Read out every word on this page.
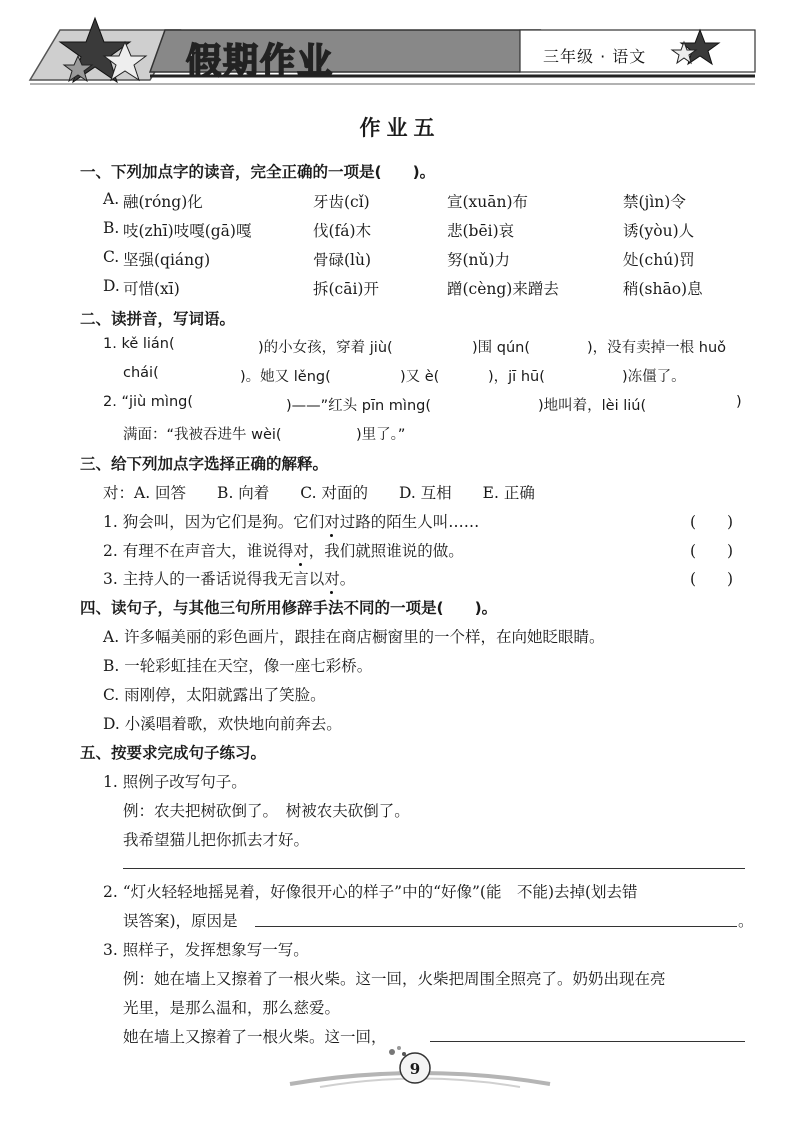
假期作业	三年级 · 语文
作业五
一、下列加点字的读音，完全正确的一项是(　　)。
A. 融(róng)化	牙齿(cǐ)	宣(xuān)布	禁(jìn)令
B. 吱(zhī)吱嘎(gā)嘎	伐(fá)木	悲(bēi)哀	诱(yòu)人
C. 坚强(qiáng)	骨碌(lù)	努(nǔ)力	处(chú)罚
D. 可惜(xī)	拆(cāi)开	蹭(cèng)来蹭去	稍(shāo)息
二、读拼音，写词语。
1. kě lián(	)的小女孩，穿着 jiù(	)围 qún(	)，没有卖掉一根 huǒ
chái(	)。她又 lěng(	)又 è(	)，jī hū(	)冻僵了。
2. “jiù mìng(	)——”红头 pīn mìng(	)地叫着，lèi liú(	)
满面：“我被吞进牛 wèi(	)里了。”
三、给下列加点字选择正确的解释。
对：A. 回答　　B. 向着　　C. 对面的　　D. 互相　　E. 正确
1. 狗会叫，因为它们是狗。它们对过路的陌生人叫……	(　　)
2. 有理不在声音大，谁说得对，我们就照谁说的做。	(　　)
3. 主持人的一番话说得我无言以对。	(　　)
四、读句子，与其他三句所用修辞手法不同的一项是(　　)。
A. 许多幅美丽的彩色画片，跟挂在商店橱窗里的一个样，在向她眨眼睛。
B. 一轮彩虹挂在天空，像一座七彩桥。
C. 雨刚停，太阳就露出了笑脸。
D. 小溪唱着歌，欢快地向前奔去。
五、按要求完成句子练习。
1. 照例子改写句子。
例：农夫把树砍倒了。　树被农夫砍倒了。
我希望猫儿把你抓去才好。
2. “灯火轻轻地摇晃着，好像很开心的样子”中的“好像”(能　不能)去掉(划去错
误答案)，原因是	。
3. 照样子，发挥想象写一写。
例：她在墙上又擦着了一根火柴。这一回，火柴把周围全照亮了。奶奶出现在亮
光里，是那么温和，那么慈爱。
她在墙上又擦着了一根火柴。这一回，
9
